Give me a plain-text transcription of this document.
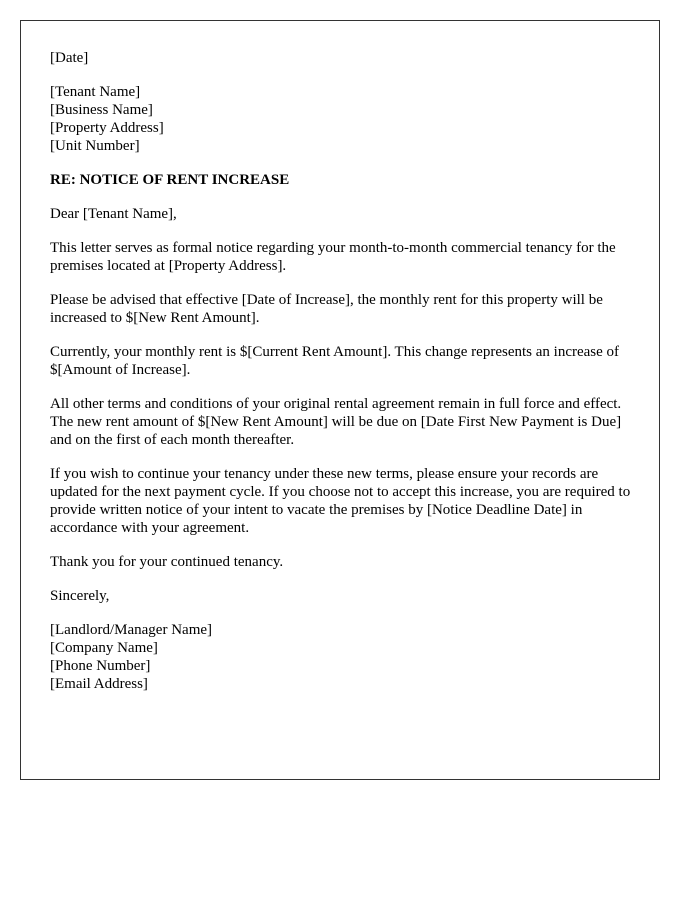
[Date]
[Tenant Name]
[Business Name]
[Property Address]
[Unit Number]
RE: NOTICE OF RENT INCREASE
Dear [Tenant Name],

This letter serves as formal notice regarding your month-to-month commercial tenancy for the premises located at [Property Address].

Please be advised that effective [Date of Increase], the monthly rent for this property will be increased to $[New Rent Amount].

Currently, your monthly rent is $[Current Rent Amount]. This change represents an increase of $[Amount of Increase].

All other terms and conditions of your original rental agreement remain in full force and effect. The new rent amount of $[New Rent Amount] will be due on [Date First New Payment is Due] and on the first of each month thereafter.

If you wish to continue your tenancy under these new terms, please ensure your records are updated for the next payment cycle. If you choose not to accept this increase, you are required to provide written notice of your intent to vacate the premises by [Notice Deadline Date] in accordance with your agreement.

Thank you for your continued tenancy.

Sincerely,
[Landlord/Manager Name]
[Company Name]
[Phone Number]
[Email Address]
